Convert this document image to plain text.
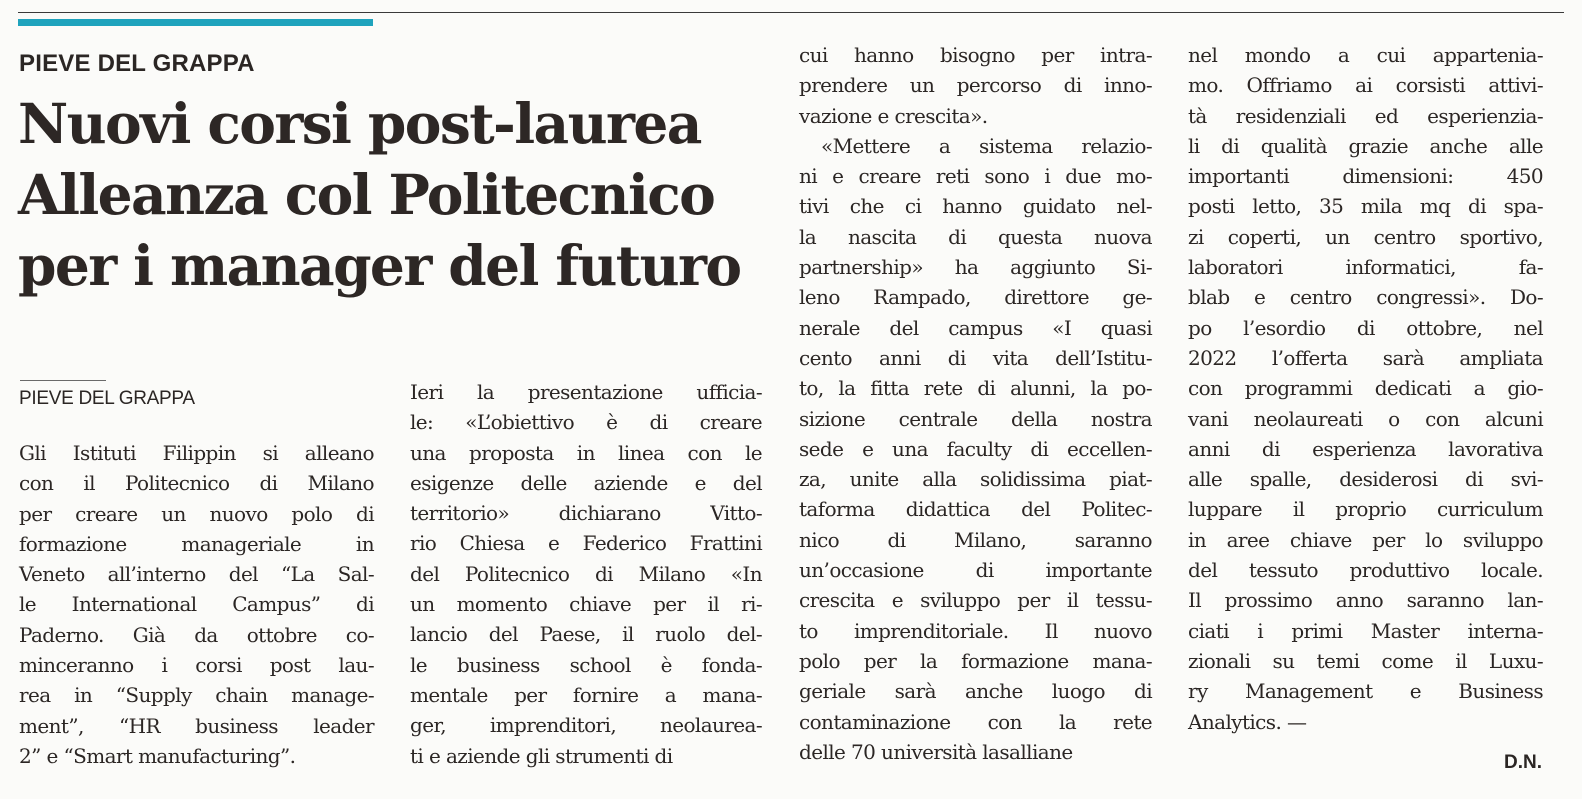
PIEVE DEL GRAPPA
Nuovi corsi post-laurea
Alleanza col Politecnico
per i manager del futuro

PIEVE DEL GRAPPA

Gli Istituti Filippin si alleano
con il Politecnico di Milano
per creare un nuovo polo di
formazione manageriale in
Veneto all’interno del “La Sal-
le International Campus” di
Paderno. Già da ottobre co-
minceranno i corsi post lau-
rea in “Supply chain manage-
ment”, “HR business leader
2” e “Smart manufacturing”.
Ieri la presentazione ufficia-
le: «L’obiettivo è di creare
una proposta in linea con le
esigenze delle aziende e del
territorio» dichiarano Vitto-
rio Chiesa e Federico Frattini
del Politecnico di Milano «In
un momento chiave per il ri-
lancio del Paese, il ruolo del-
le business school è fonda-
mentale per fornire a mana-
ger, imprenditori, neolaurea-
ti e aziende gli strumenti di
cui hanno bisogno per intra-
prendere un percorso di inno-
vazione e crescita».
«Mettere a sistema relazio-
ni e creare reti sono i due mo-
tivi che ci hanno guidato nel-
la nascita di questa nuova
partnership» ha aggiunto Si-
leno Rampado, direttore ge-
nerale del campus «I quasi
cento anni di vita dell’Istitu-
to, la fitta rete di alunni, la po-
sizione centrale della nostra
sede e una faculty di eccellen-
za, unite alla solidissima piat-
taforma didattica del Politec-
nico di Milano, saranno
un’occasione di importante
crescita e sviluppo per il tessu-
to imprenditoriale. Il nuovo
polo per la formazione mana-
geriale sarà anche luogo di
contaminazione con la rete
delle 70 università lasalliane
nel mondo a cui appartenia-
mo. Offriamo ai corsisti attivi-
tà residenziali ed esperienzia-
li di qualità grazie anche alle
importanti dimensioni: 450
posti letto, 35 mila mq di spa-
zi coperti, un centro sportivo,
laboratori informatici, fa-
blab e centro congressi». Do-
po l’esordio di ottobre, nel
2022 l’offerta sarà ampliata
con programmi dedicati a gio-
vani neolaureati o con alcuni
anni di esperienza lavorativa
alle spalle, desiderosi di svi-
luppare il proprio curriculum
in aree chiave per lo sviluppo
del tessuto produttivo locale.
Il prossimo anno saranno lan-
ciati i primi Master interna-
zionali su temi come il Luxu-
ry Management e Business
Analytics. —

D.N.
